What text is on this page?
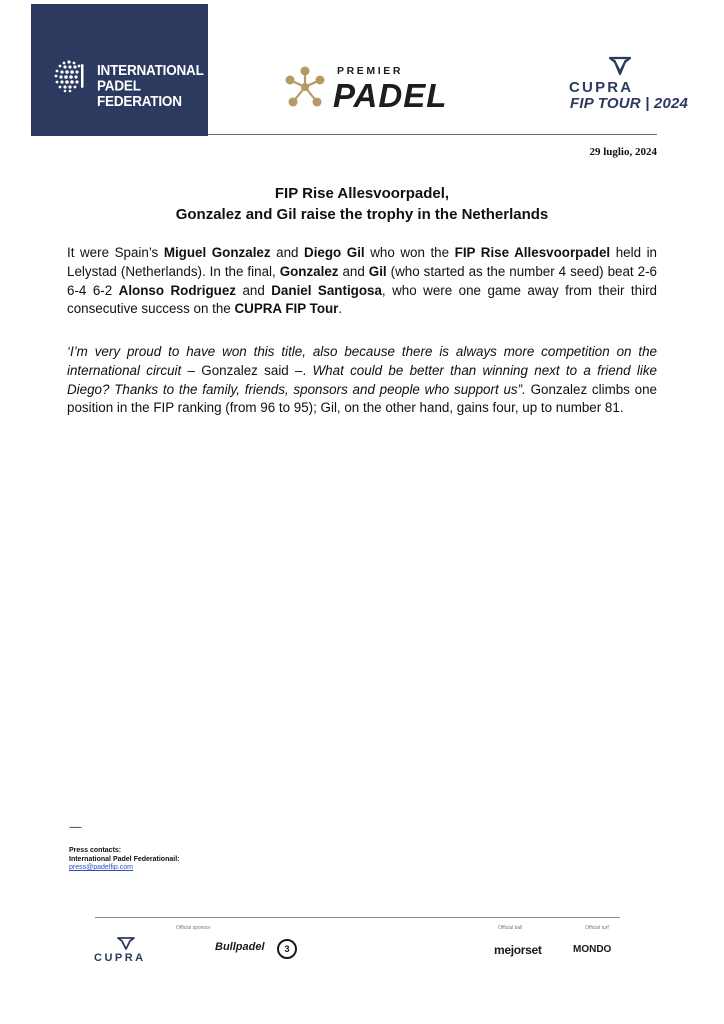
INTERNATIONAL
PADEL
FEDERATION
PREMIER
PADEL	CUPRA
FIP TOUR | 2024
29 luglio, 2024
FIP Rise Allesvoorpadel,
Gonzalez and Gil raise the trophy in the Netherlands
It were Spain’s Miguel Gonzalez and Diego Gil who won the FIP Rise Allesvoorpadel held in Lelystad (Netherlands). In the final, Gonzalez and Gil (who started as the number 4 seed) beat 2-6 6-4 6-2 Alonso Rodriguez and Daniel Santigosa, who were one game away from their third consecutive success on the CUPRA FIP Tour.
‘I’m very proud to have won this title, also because there is always more competition on the international circuit – Gonzalez said –. What could be better than winning next to a friend like Diego? Thanks to the family, friends, sponsors and people who support us”. Gonzalez climbs one position in the FIP ranking (from 96 to 95); Gil, on the other hand, gains four, up to number 81.
------
Press contacts:
International Padel Federationail:
press@padelfip.com
Official sponsor	Official ball	Official turf
CUPRA
Bullpadel	3	mejorset	MONDO
